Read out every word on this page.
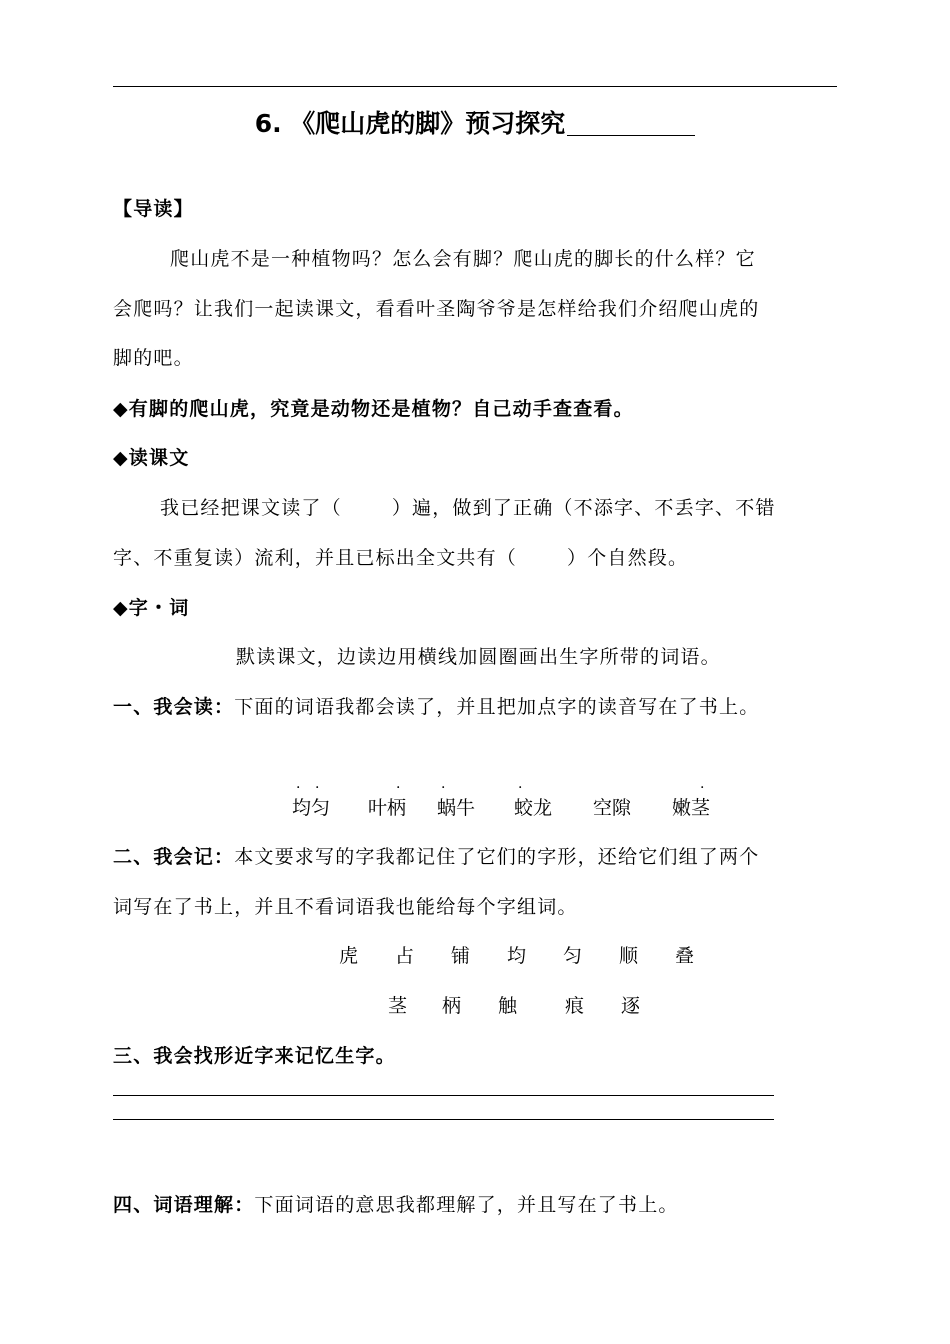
6. 《爬山虎的脚》预习探究
【导读】
爬山虎不是一种植物吗？怎么会有脚？爬山虎的脚长的什么样？它
会爬吗？让我们一起读课文，看看叶圣陶爷爷是怎样给我们介绍爬山虎的
脚的吧。
◆有脚的爬山虎，究竟是动物还是植物？自己动手查查看。
◆读课文
我已经把课文读了（	）遍，做到了正确（不添字、不丢字、不错
字、不重复读）流利，并且已标出全文共有（	）个自然段。
◆字・词
默读课文，边读边用横线加圆圈画出生字所带的词语。
一、我会读：下面的词语我都会读了，并且把加点字的读音写在了书上。
· ·
均匀
·
叶柄
·
蜗牛
·
蛟龙 空隙
·
嫩茎
二、我会记：本文要求写的字我都记住了它们的字形，还给它们组了两个
词写在了书上，并且不看词语我也能给每个字组词。
虎 占 铺 均 匀 顺 叠
茎 柄 触	痕 逐
三、我会找形近字来记忆生字。
四、词语理解：下面词语的意思我都理解了，并且写在了书上。
